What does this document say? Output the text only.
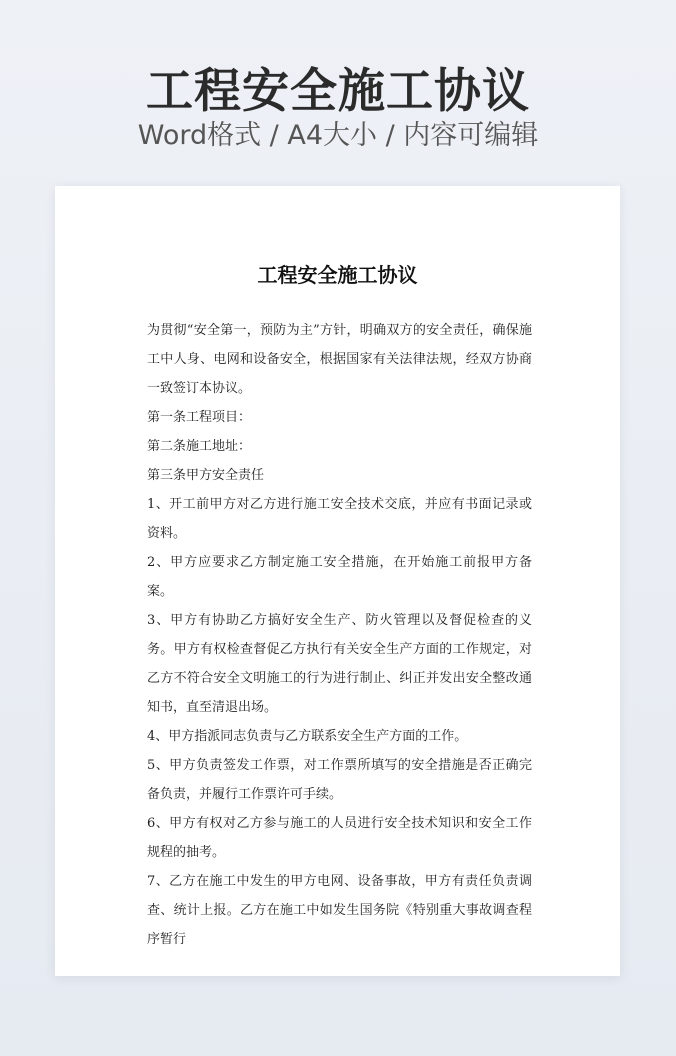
工程安全施工协议
Word格式 / A4大小 / 内容可编辑
工程安全施工协议

为贯彻“安全第一，预防为主”方针，明确双方的安全责任，确保施工中人身、电网和设备安全，根据国家有关法律法规，经双方协商一致签订本协议。

第一条工程项目：

第二条施工地址：

第三条甲方安全责任

1、开工前甲方对乙方进行施工安全技术交底，并应有书面记录或资料。

2、甲方应要求乙方制定施工安全措施，在开始施工前报甲方备案。

3、甲方有协助乙方搞好安全生产、防火管理以及督促检查的义务。甲方有权检查督促乙方执行有关安全生产方面的工作规定，对乙方不符合安全文明施工的行为进行制止、纠正并发出安全整改通知书，直至清退出场。

4、甲方指派同志负责与乙方联系安全生产方面的工作。

5、甲方负责签发工作票，对工作票所填写的安全措施是否正确完备负责，并履行工作票许可手续。

6、甲方有权对乙方参与施工的人员进行安全技术知识和安全工作规程的抽考。

7、乙方在施工中发生的甲方电网、设备事故，甲方有责任负责调查、统计上报。乙方在施工中如发生国务院《特别重大事故调查程序暂行
